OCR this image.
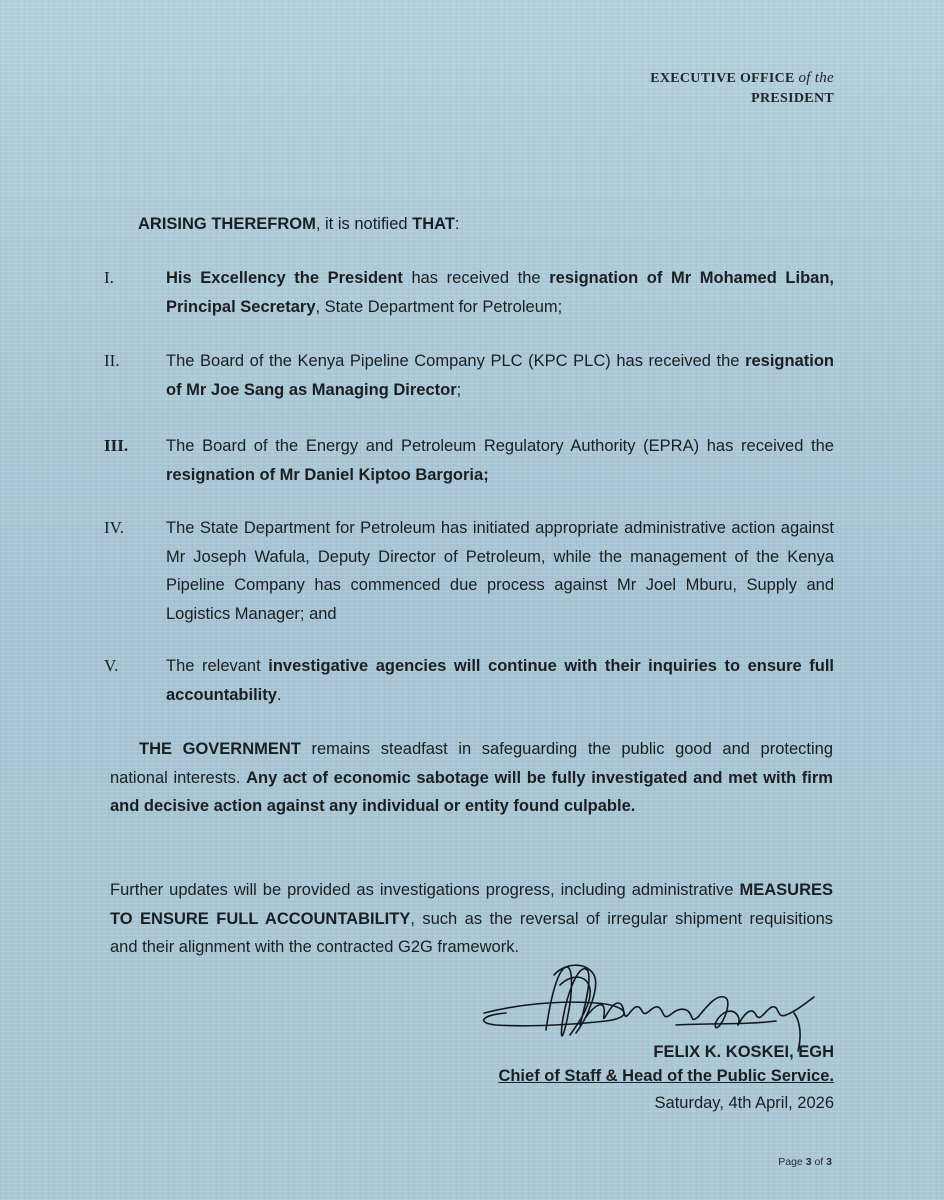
EXECUTIVE OFFICE of the
PRESIDENT
ARISING THEREFROM, it is notified THAT:
I.	His Excellency the President has received the resignation of Mr Mohamed Liban, Principal Secretary, State Department for Petroleum;
II.	The Board of the Kenya Pipeline Company PLC (KPC PLC) has received the resignation of Mr Joe Sang as Managing Director;
III.	The Board of the Energy and Petroleum Regulatory Authority (EPRA) has received the resignation of Mr Daniel Kiptoo Bargoria;
IV.	The State Department for Petroleum has initiated appropriate administrative action against Mr Joseph Wafula, Deputy Director of Petroleum, while the management of the Kenya Pipeline Company has commenced due process against Mr Joel Mburu, Supply and Logistics Manager; and
V.	The relevant investigative agencies will continue with their inquiries to ensure full accountability.
THE GOVERNMENT remains steadfast in safeguarding the public good and protecting national interests. Any act of economic sabotage will be fully investigated and met with firm and decisive action against any individual or entity found culpable.
Further updates will be provided as investigations progress, including administrative MEASURES TO ENSURE FULL ACCOUNTABILITY, such as the reversal of irregular shipment requisitions and their alignment with the contracted G2G framework.
FELIX K. KOSKEI, EGH
Chief of Staff & Head of the Public Service.
Saturday, 4th April, 2026
Page 3 of 3
